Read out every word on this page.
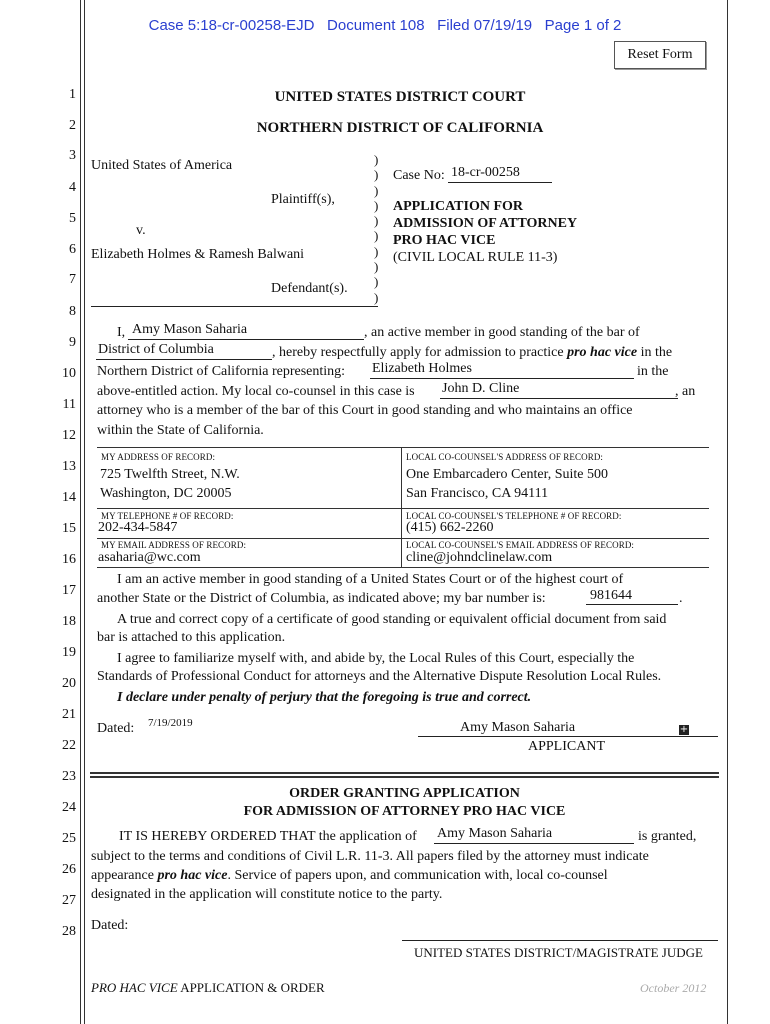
Case 5:18-cr-00258-EJD   Document 108   Filed 07/19/19   Page 1 of 2
Reset Form
1
2
3
4
5
6
7
8
9
10
11
12
13
14
15
16
17
18
19
20
21
22
23
24
25
26
27
28
UNITED STATES DISTRICT COURT
NORTHERN DISTRICT OF CALIFORNIA
United States of America
Plaintiff(s),
v.
Elizabeth Holmes & Ramesh Balwani
Defendant(s).
)
)
)
)
)
)
)
)
)
)
Case No: 18-cr-00258
APPLICATION FOR
ADMISSION OF ATTORNEY
PRO HAC VICE
(CIVIL LOCAL RULE 11-3)
I, Amy Mason Saharia	, an active member in good standing of the bar of
District of Columbia	, hereby respectfully apply for admission to practice pro hac vice in the
Northern District of California representing: Elizabeth Holmes	in the
above-entitled action. My local co-counsel in this case is John D. Cline	, an
attorney who is a member of the bar of this Court in good standing and who maintains an office
within the State of California.
MY ADDRESS OF RECORD:	LOCAL CO-COUNSEL'S ADDRESS OF RECORD:
725 Twelfth Street, N.W.
Washington, DC 20005
One Embarcadero Center, Suite 500
San Francisco, CA 94111
MY TELEPHONE # OF RECORD:	LOCAL CO-COUNSEL'S TELEPHONE # OF RECORD:
202-434-5847	(415) 662-2260
MY EMAIL ADDRESS OF RECORD:	LOCAL CO-COUNSEL'S EMAIL ADDRESS OF RECORD:
asaharia@wc.com	cline@johndclinelaw.com
I am an active member in good standing of a United States Court or of the highest court of
another State or the District of Columbia, as indicated above; my bar number is:	981644	.
A true and correct copy of a certificate of good standing or equivalent official document from said
bar is attached to this application.
I agree to familiarize myself with, and abide by, the Local Rules of this Court, especially the
Standards of Professional Conduct for attorneys and the Alternative Dispute Resolution Local Rules.
I declare under penalty of perjury that the foregoing is true and correct.
Dated: 7/19/2019	Amy Mason Saharia	+
APPLICANT
ORDER GRANTING APPLICATION
FOR ADMISSION OF ATTORNEY PRO HAC VICE
IT IS HEREBY ORDERED THAT the application of Amy Mason Saharia	is granted,
subject to the terms and conditions of Civil L.R. 11-3. All papers filed by the attorney must indicate
appearance pro hac vice. Service of papers upon, and communication with, local co-counsel
designated in the application will constitute notice to the party.
Dated:
UNITED STATES DISTRICT/MAGISTRATE JUDGE
PRO HAC VICE APPLICATION & ORDER	October 2012
